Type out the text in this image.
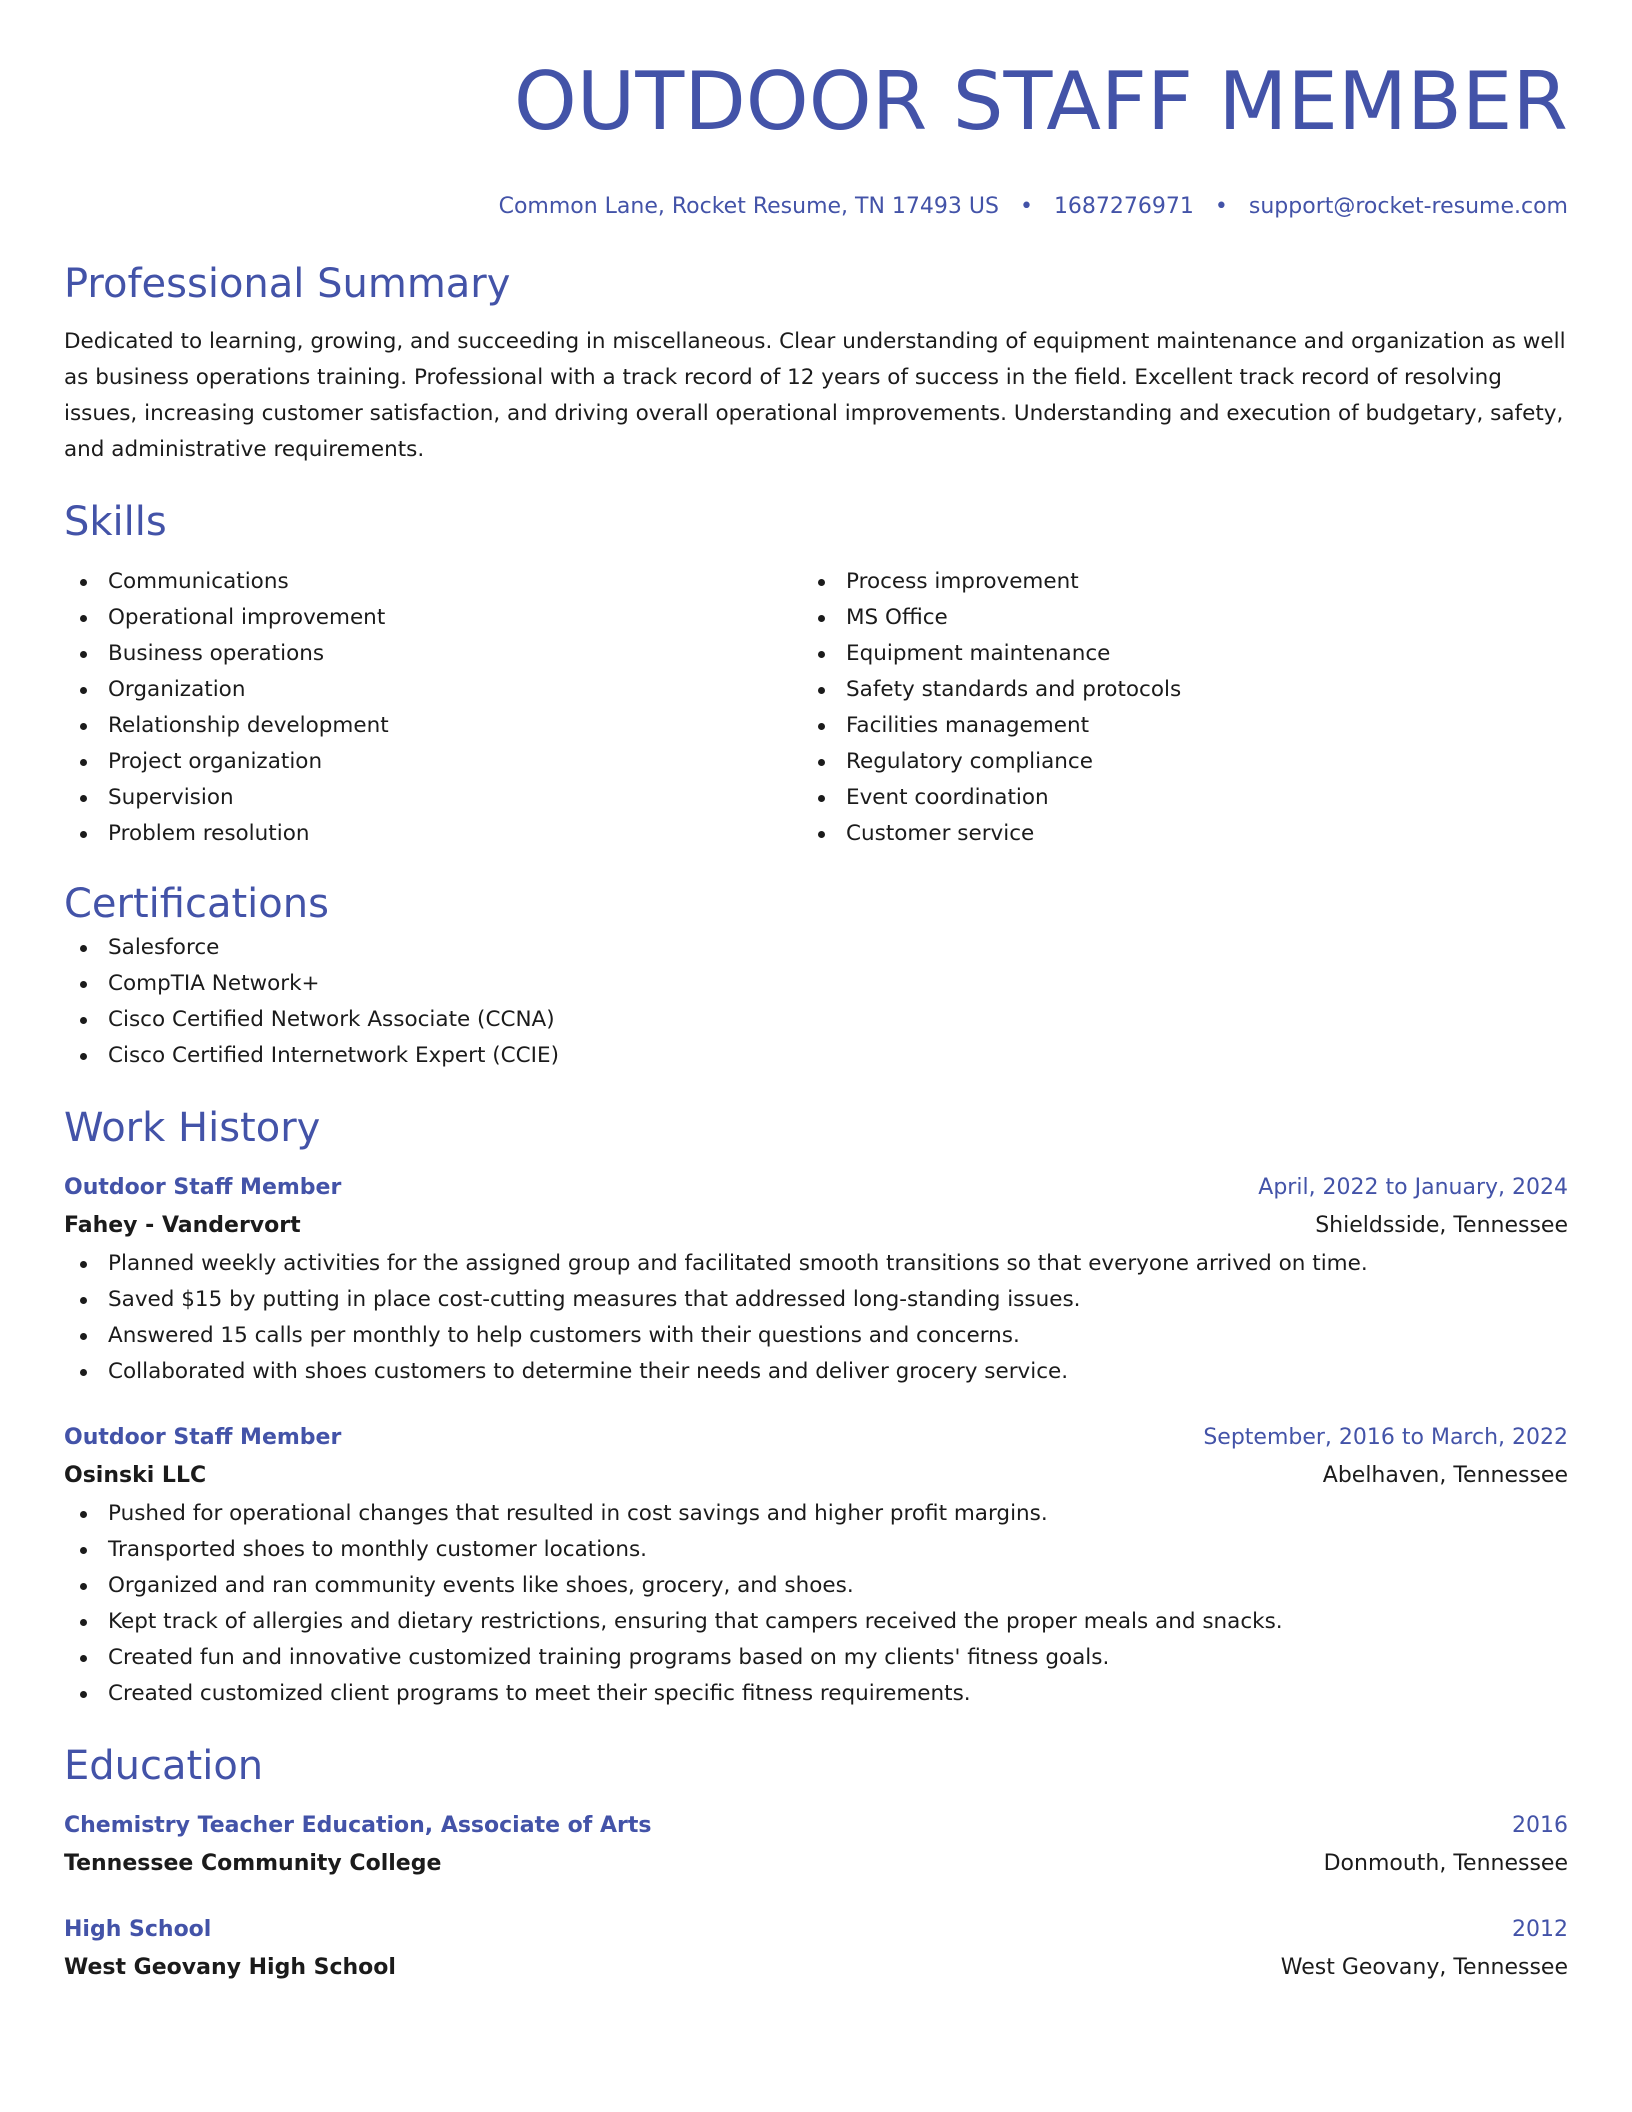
OUTDOOR STAFF MEMBER
Common Lane, Rocket Resume, TN 17493 US • 1687276971 • support@rocket-resume.com
Professional Summary
Dedicated to learning, growing, and succeeding in miscellaneous. Clear understanding of equipment maintenance and organization as well as business operations training. Professional with a track record of 12 years of success in the field. Excellent track record of resolving issues, increasing customer satisfaction, and driving overall operational improvements. Understanding and execution of budgetary, safety, and administrative requirements.
Skills
Communications
Operational improvement
Business operations
Organization
Relationship development
Project organization
Supervision
Problem resolution
Process improvement
MS Office
Equipment maintenance
Safety standards and protocols
Facilities management
Regulatory compliance
Event coordination
Customer service
Certifications
Salesforce
CompTIA Network+
Cisco Certified Network Associate (CCNA)
Cisco Certified Internetwork Expert (CCIE)
Work History
Outdoor Staff Member	April, 2022 to January, 2024
Fahey - Vandervort	Shieldsside, Tennessee
Planned weekly activities for the assigned group and facilitated smooth transitions so that everyone arrived on time.
Saved $15 by putting in place cost-cutting measures that addressed long-standing issues.
Answered 15 calls per monthly to help customers with their questions and concerns.
Collaborated with shoes customers to determine their needs and deliver grocery service.
Outdoor Staff Member	September, 2016 to March, 2022
Osinski LLC	Abelhaven, Tennessee
Pushed for operational changes that resulted in cost savings and higher profit margins.
Transported shoes to monthly customer locations.
Organized and ran community events like shoes, grocery, and shoes.
Kept track of allergies and dietary restrictions, ensuring that campers received the proper meals and snacks.
Created fun and innovative customized training programs based on my clients' fitness goals.
Created customized client programs to meet their specific fitness requirements.
Education
Chemistry Teacher Education, Associate of Arts	2016
Tennessee Community College	Donmouth, Tennessee
High School	2012
West Geovany High School	West Geovany, Tennessee
